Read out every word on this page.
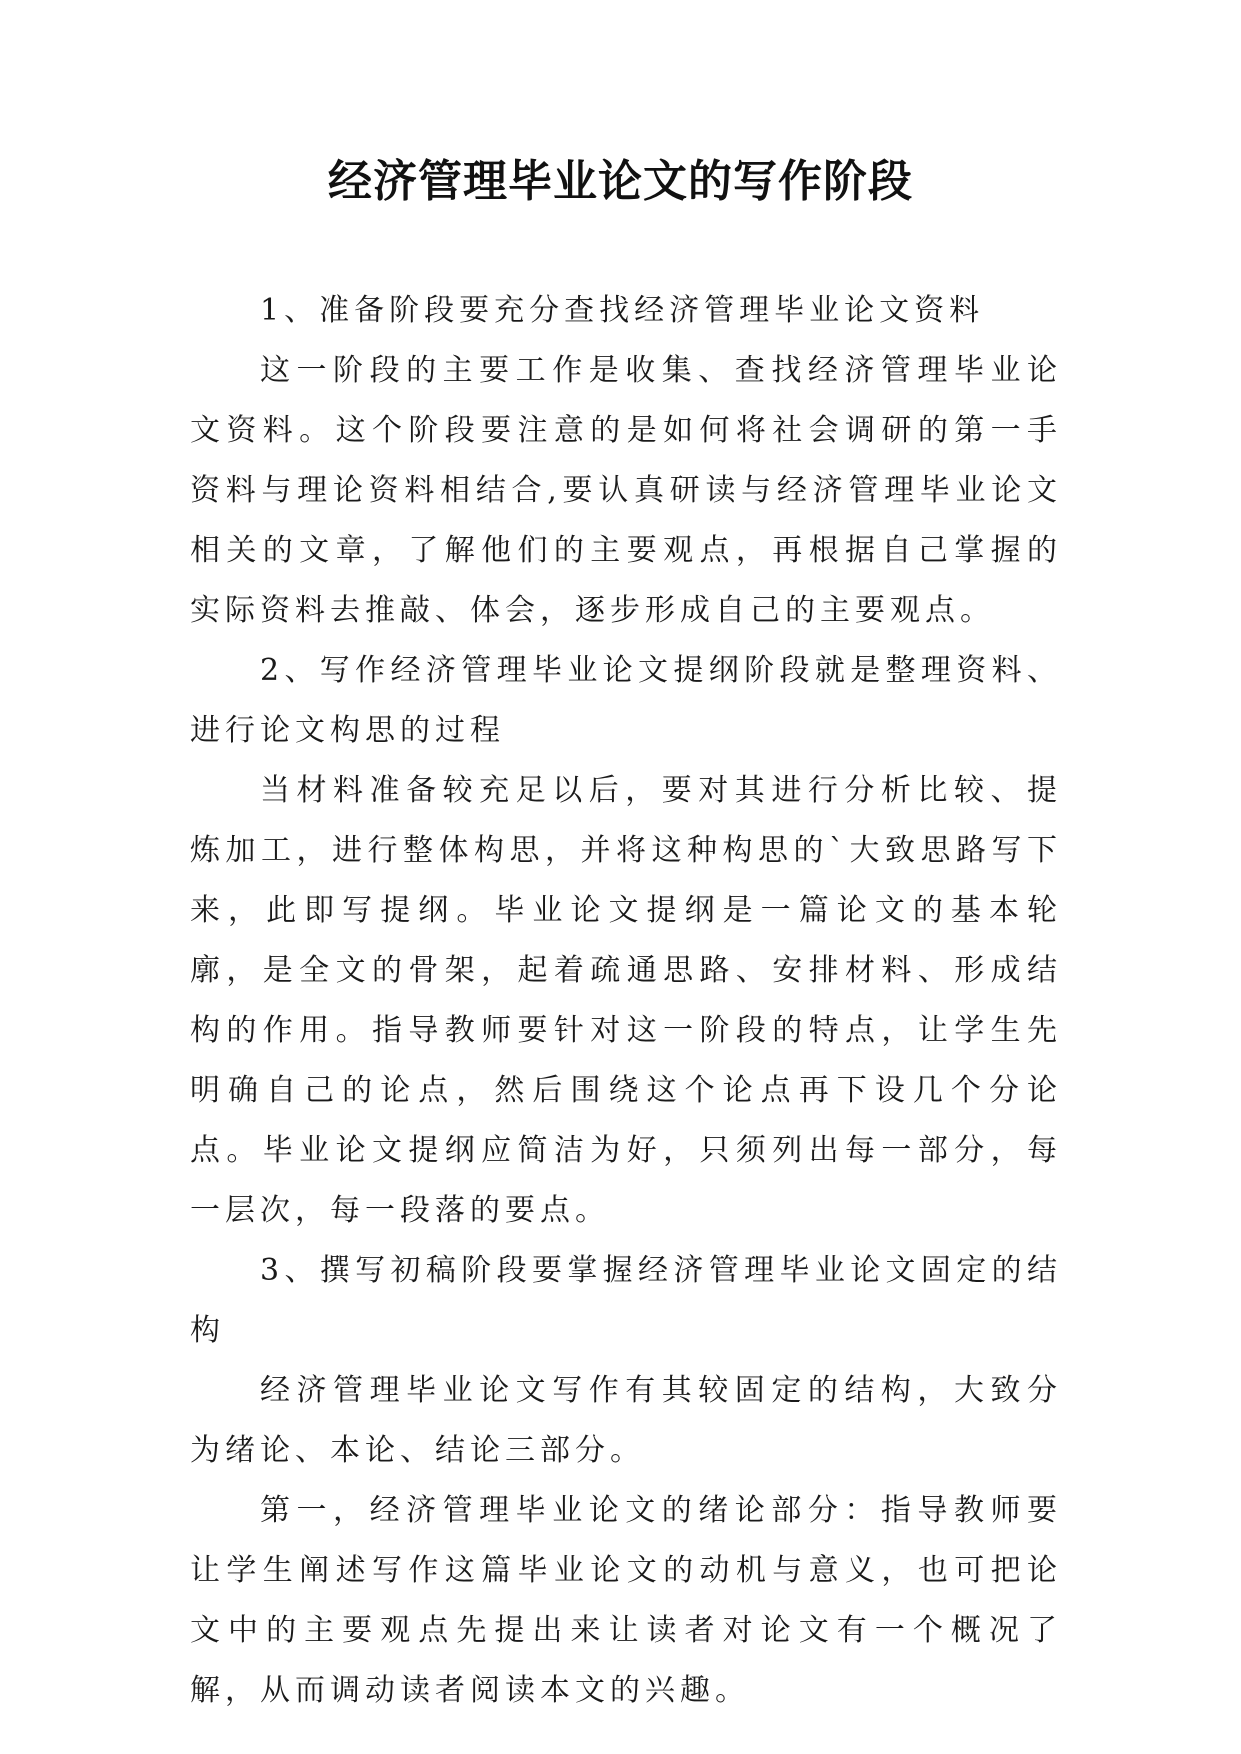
经济管理毕业论文的写作阶段

1、准备阶段要充分查找经济管理毕业论文资料

这一阶段的主要工作是收集、查找经济管理毕业论文资料。这个阶段要注意的是如何将社会调研的第一手资料与理论资料相结合,要认真研读与经济管理毕业论文相关的文章，了解他们的主要观点，再根据自己掌握的实际资料去推敲、体会，逐步形成自己的主要观点。

2、写作经济管理毕业论文提纲阶段就是整理资料、进行论文构思的过程

当材料准备较充足以后，要对其进行分析比较、提炼加工，进行整体构思，并将这种构思的`大致思路写下来，此即写提纲。毕业论文提纲是一篇论文的基本轮廓，是全文的骨架，起着疏通思路、安排材料、形成结构的作用。指导教师要针对这一阶段的特点，让学生先明确自己的论点，然后围绕这个论点再下设几个分论点。毕业论文提纲应简洁为好，只须列出每一部分，每一层次，每一段落的要点。

3、撰写初稿阶段要掌握经济管理毕业论文固定的结构

经济管理毕业论文写作有其较固定的结构，大致分为绪论、本论、结论三部分。

第一，经济管理毕业论文的绪论部分：指导教师要让学生阐述写作这篇毕业论文的动机与意义，也可把论文中的主要观点先提出来让读者对论文有一个概况了解，从而调动读者阅读本文的兴趣。
